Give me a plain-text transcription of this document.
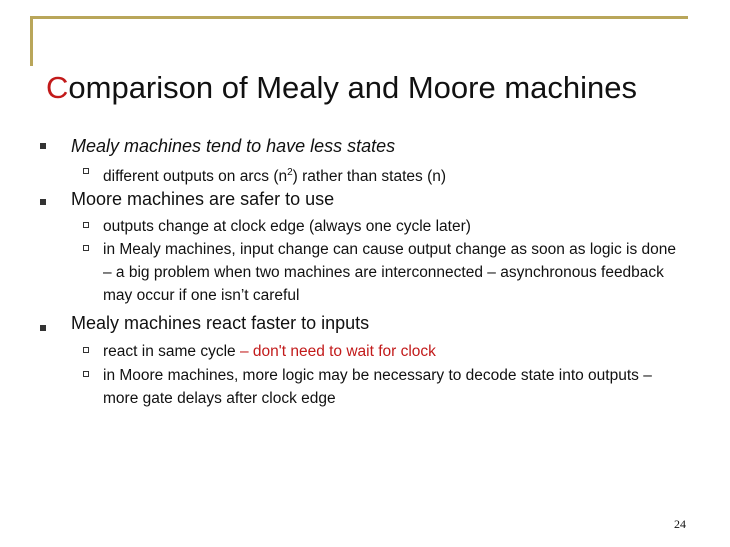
Comparison of Mealy and Moore machines
Mealy machines tend to have less states
different outputs on arcs $(n^2)$ rather than states (n)
Moore machines are safer to use
outputs change at clock edge (always one cycle later)
in Mealy machines, input change can cause output change as soon as logic is done – a big problem when two machines are interconnected – asynchronous feedback may occur if one isn’t careful
Mealy machines react faster to inputs
react in same cycle – don't need to wait for clock
in Moore machines, more logic may be necessary to decode state into outputs – more gate delays after clock edge
24
